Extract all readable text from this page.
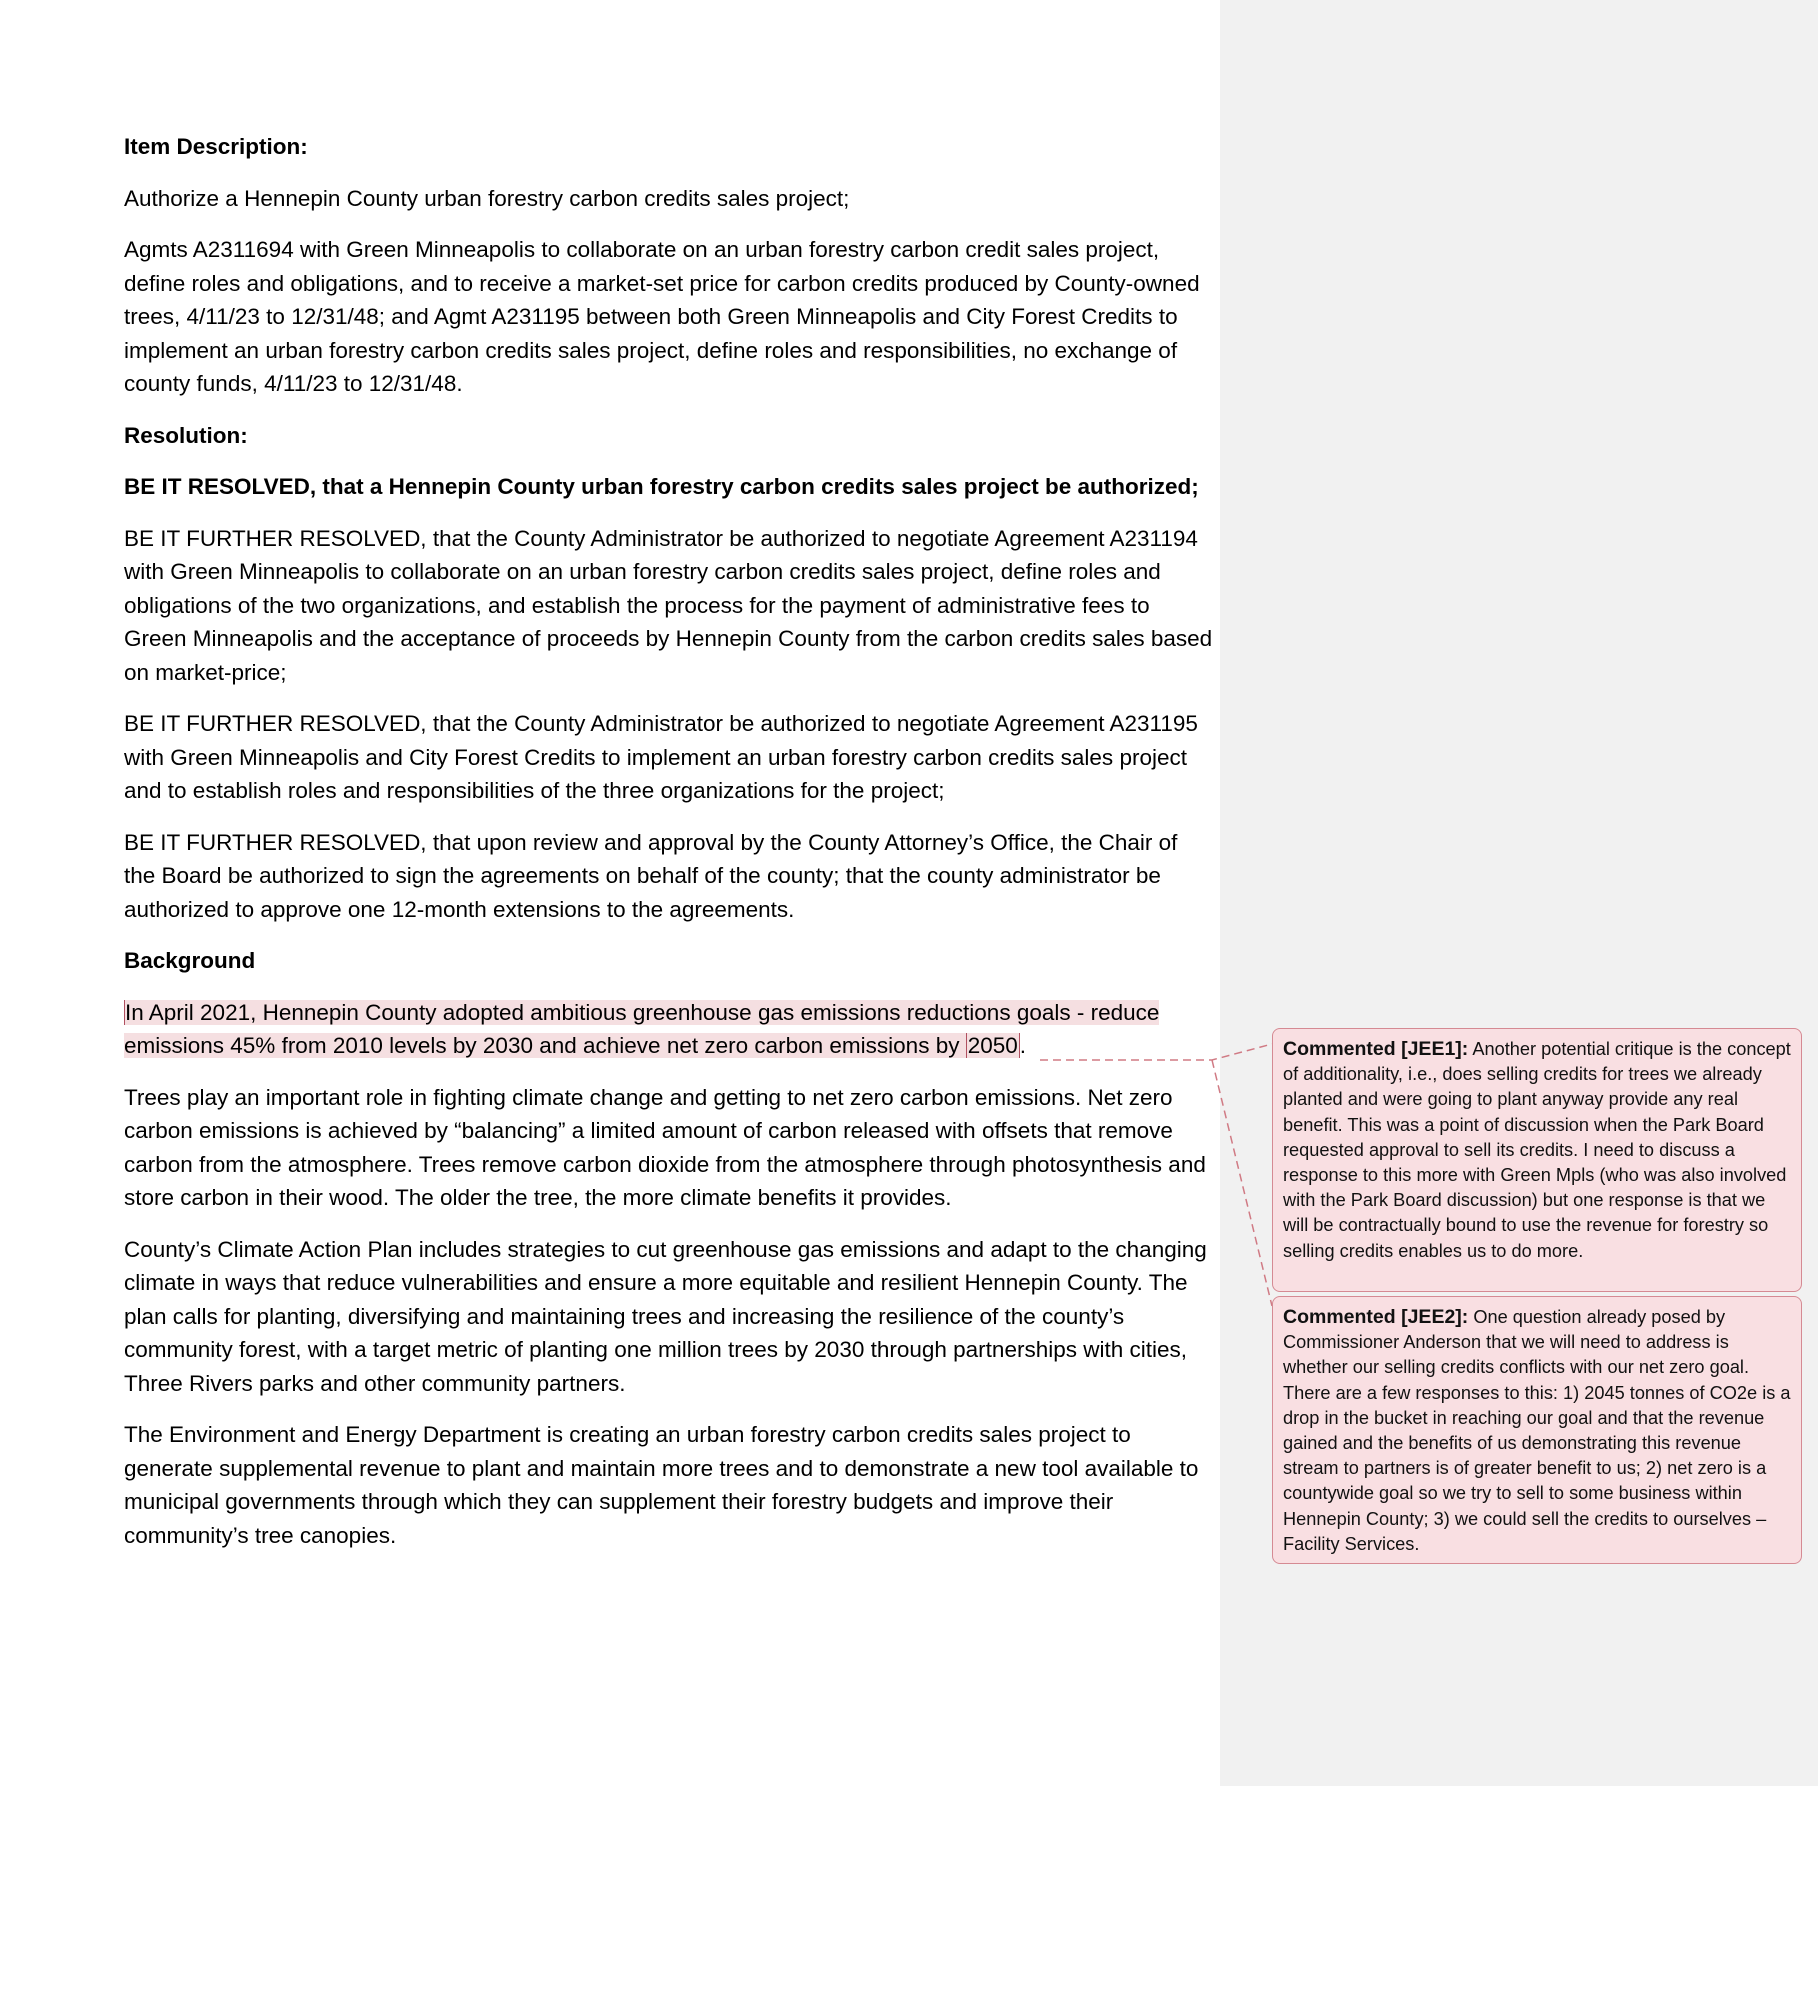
Item Description:

Authorize a Hennepin County urban forestry carbon credits sales project;

Agmts A2311694 with Green Minneapolis to collaborate on an urban forestry carbon credit sales project, define roles and obligations, and to receive a market-set price for carbon credits produced by County-owned trees, 4/11/23 to 12/31/48; and Agmt A231195 between both Green Minneapolis and City Forest Credits to implement an urban forestry carbon credits sales project, define roles and responsibilities, no exchange of county funds, 4/11/23 to 12/31/48.

Resolution:

BE IT RESOLVED, that a Hennepin County urban forestry carbon credits sales project be authorized;

BE IT FURTHER RESOLVED, that the County Administrator be authorized to negotiate Agreement A231194 with Green Minneapolis to collaborate on an urban forestry carbon credits sales project, define roles and obligations of the two organizations, and establish the process for the payment of administrative fees to Green Minneapolis and the acceptance of proceeds by Hennepin County from the carbon credits sales based on market-price;

BE IT FURTHER RESOLVED, that the County Administrator be authorized to negotiate Agreement A231195 with Green Minneapolis and City Forest Credits to implement an urban forestry carbon credits sales project and to establish roles and responsibilities of the three organizations for the project;

BE IT FURTHER RESOLVED, that upon review and approval by the County Attorney’s Office, the Chair of the Board be authorized to sign the agreements on behalf of the county; that the county administrator be authorized to approve one 12-month extensions to the agreements.

Background

In April 2021, Hennepin County adopted ambitious greenhouse gas emissions reductions goals - reduce emissions 45% from 2010 levels by 2030 and achieve net zero carbon emissions by 2050.

Trees play an important role in fighting climate change and getting to net zero carbon emissions. Net zero carbon emissions is achieved by “balancing” a limited amount of carbon released with offsets that remove carbon from the atmosphere. Trees remove carbon dioxide from the atmosphere through photosynthesis and store carbon in their wood. The older the tree, the more climate benefits it provides.

County’s Climate Action Plan includes strategies to cut greenhouse gas emissions and adapt to the changing climate in ways that reduce vulnerabilities and ensure a more equitable and resilient Hennepin County. The plan calls for planting, diversifying and maintaining trees and increasing the resilience of the county’s community forest, with a target metric of planting one million trees by 2030 through partnerships with cities, Three Rivers parks and other community partners.

The Environment and Energy Department is creating an urban forestry carbon credits sales project to generate supplemental revenue to plant and maintain more trees and to demonstrate a new tool available to municipal governments through which they can supplement their forestry budgets and improve their community’s tree canopies.

Commented [JEE1]: Another potential critique is the concept of additionality, i.e., does selling credits for trees we already planted and were going to plant anyway provide any real benefit. This was a point of discussion when the Park Board requested approval to sell its credits. I need to discuss a response to this more with Green Mpls (who was also involved with the Park Board discussion) but one response is that we will be contractually bound to use the revenue for forestry so selling credits enables us to do more.
Commented [JEE2]: One question already posed by Commissioner Anderson that we will need to address is whether our selling credits conflicts with our net zero goal. There are a few responses to this: 1) 2045 tonnes of CO2e is a drop in the bucket in reaching our goal and that the revenue gained and the benefits of us demonstrating this revenue stream to partners is of greater benefit to us; 2) net zero is a countywide goal so we try to sell to some business within Hennepin County; 3) we could sell the credits to ourselves – Facility Services.
